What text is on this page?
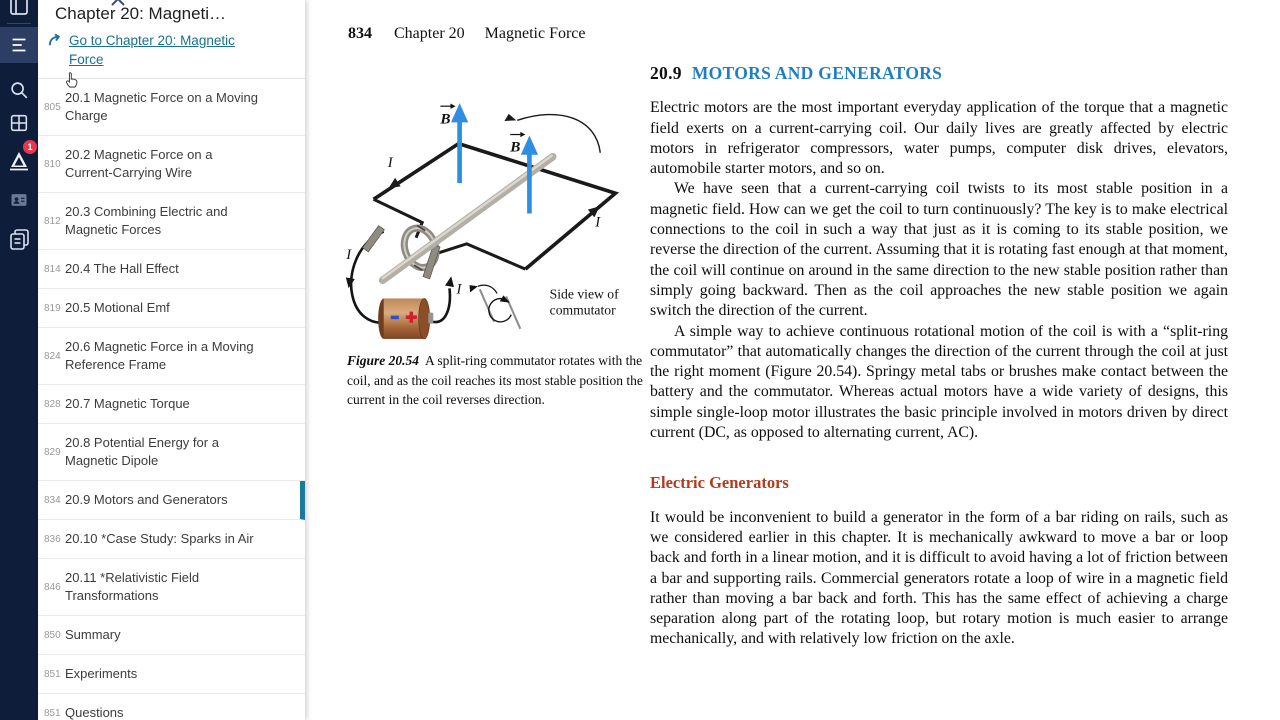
1
Chapter 20: Magneti…
Go to Chapter 20: Magnetic Force
805
20.1 Magnetic Force on a Moving Charge
810
20.2 Magnetic Force on a Current-Carrying Wire
812
20.3 Combining Electric and Magnetic Forces
814 20.4 The Hall Effect
819 20.5 Motional Emf
824
20.6 Magnetic Force in a Moving Reference Frame
828 20.7 Magnetic Torque
829
20.8 Potential Energy for a Magnetic Dipole
834 20.9 Motors and Generators
836 20.10 *Case Study: Sparks in Air
846
20.11 *Relativistic Field Transformations
850 Summary
851 Experiments
851 Questions
834 Chapter 20 Magnetic Force
B
B
I
I
I
I	Side view of
commutator

Figure 20.54 A split-ring commutator rotates with the coil, and as the coil reaches its most stable position the current in the coil reverses direction.

20.9 MOTORS AND GENERATORS

Electric motors are the most important everyday application of the torque that a magnetic field exerts on a current-carrying coil. Our daily lives are greatly affected by electric motors in refrigerator compressors, water pumps, computer disk drives, elevators, automobile starter motors, and so on.

We have seen that a current-carrying coil twists to its most stable position in a magnetic field. How can we get the coil to turn continuously? The key is to make electrical connections to the coil in such a way that just as it is coming to its stable position, we reverse the direction of the current. Assuming that it is rotating fast enough at that moment, the coil will continue on around in the same direction to the new stable position rather than simply going backward. Then as the coil approaches the new stable position we again switch the direction of the current.

A simple way to achieve continuous rotational motion of the coil is with a “split-ring commutator” that automatically changes the direction of the current through the coil at just the right moment (Figure 20.54). Springy metal tabs or brushes make contact between the battery and the commutator. Whereas actual motors have a wide variety of designs, this simple single-loop motor illustrates the basic principle involved in motors driven by direct current (DC, as opposed to alternating current, AC).

Electric Generators

It would be inconvenient to build a generator in the form of a bar riding on rails, such as we considered earlier in this chapter. It is mechanically awkward to move a bar or loop back and forth in a linear motion, and it is difficult to avoid having a lot of friction between a bar and supporting rails. Commercial generators rotate a loop of wire in a magnetic field rather than moving a bar back and forth. This has the same effect of achieving a charge separation along part of the rotating loop, but rotary motion is much easier to arrange mechanically, and with relatively low friction on the axle.
